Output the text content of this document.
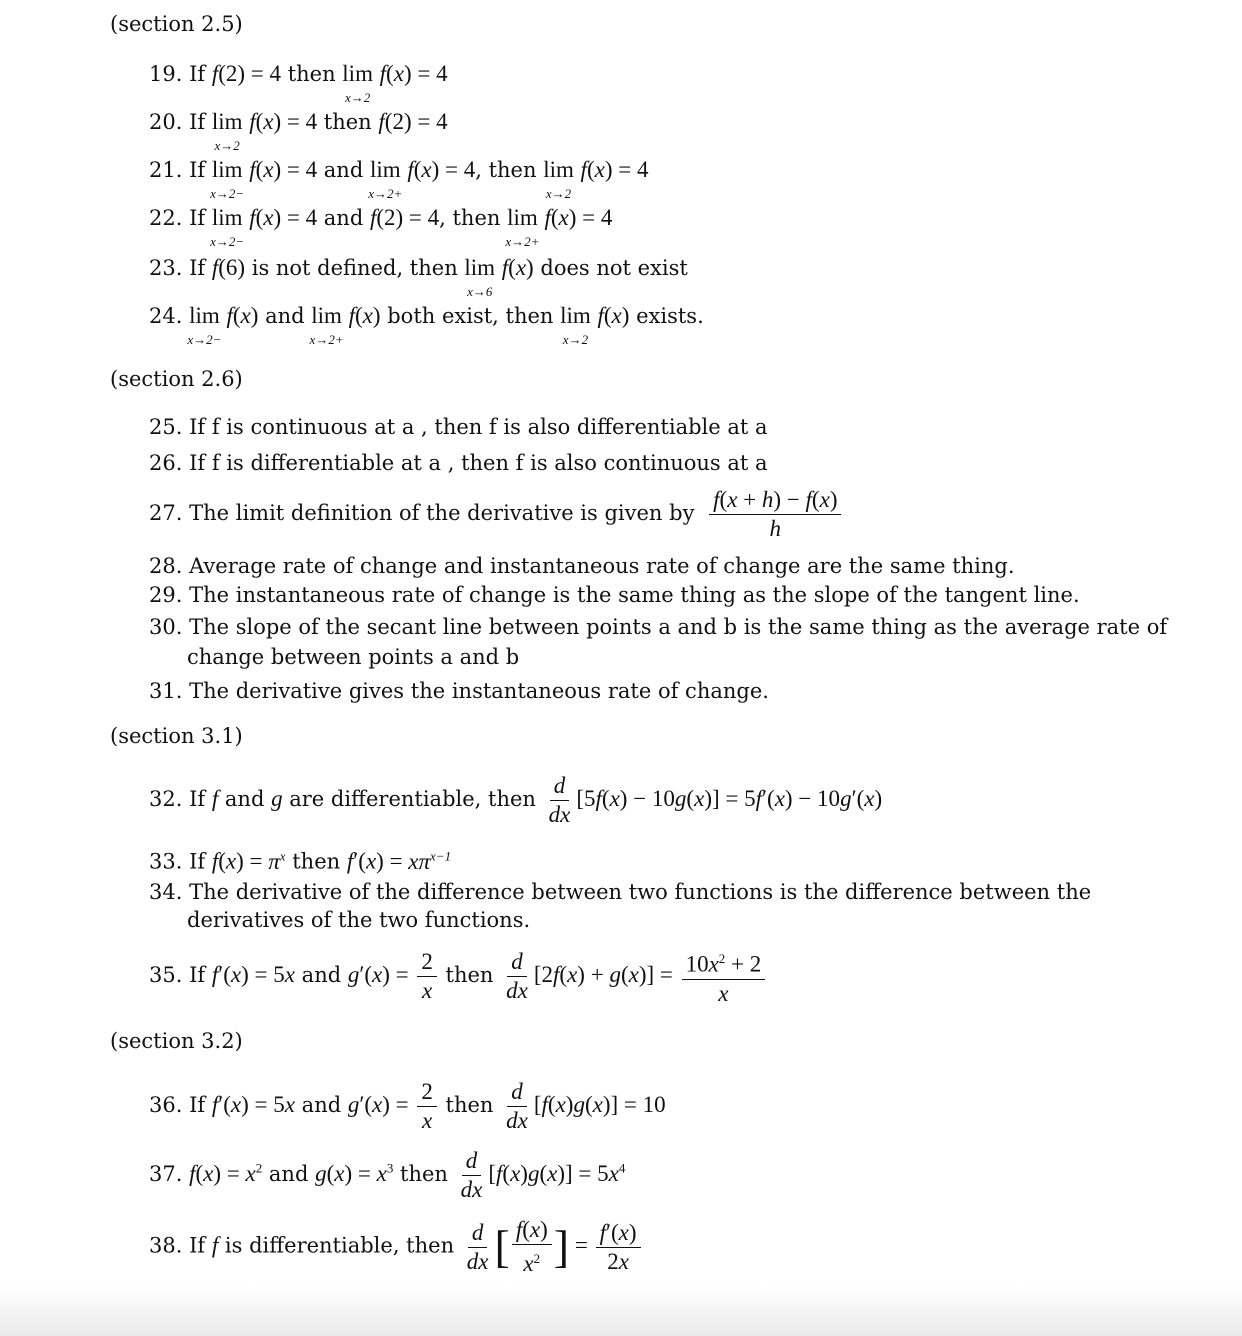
(section 2.5)
19. If f(2) = 4 then lim
x→2
f(x) = 4
20. If lim
x→2
f(x) = 4 then f(2) = 4
21. If lim
x→2−
f(x) = 4 and lim
x→2+
f(x) = 4, then lim
x→2
f(x) = 4
22. If lim
x→2−
f(x) = 4 and f(2) = 4, then lim
x→2+
f(x) = 4
23. If f(6) is not defined, then lim
x→6
f(x) does not exist
24. lim
x→2−
f(x) and lim
x→2+
f(x) both exist, then lim
x→2
f(x) exists.
(section 2.6)
25. If f is continuous at a , then f is also differentiable at a
26. If f is differentiable at a , then f is also continuous at a
27. The limit definition of the derivative is given by $\frac{f(x + h) - f(x)}{h}$
28. Average rate of change and instantaneous rate of change are the same thing.
29. The instantaneous rate of change is the same thing as the slope of the tangent line.
30. The slope of the secant line between points a and b is the same thing as the average rate of
change between points a and b
31. The derivative gives the instantaneous rate of change.
(section 3.1)
32. If f and g are differentiable, then $\frac{d}{dx} [5f(x) - 10g(x)] = 5f'(x) - 10g'(x)$
33. If $f(x) = \pi^x$ then $f'(x) = x\pi^{x-1}$
34. The derivative of the difference between two functions is the difference between the
derivatives of the two functions.
35. If f′(x) = 5x and $g'(x) = \frac{2}{x}$ then $\frac{d}{dx} [2f(x) + g(x)] = \frac{10x^2 + 2}{x}$
(section 3.2)
36. If f′(x) = 5x and $g'(x) = \frac{2}{x}$ then $\frac{d}{dx} [f(x)g(x)] = 10$
37. $f(x) = x^2$ and $g(x) = x^3$ then $\frac{d}{dx} [f(x)g(x)] = 5x^4$
38. If f is differentiable, then $\frac{d}{dx}$ [ $\frac{f(x)}{x^2}$ ] = $\frac{f'(x)}{2x}$
